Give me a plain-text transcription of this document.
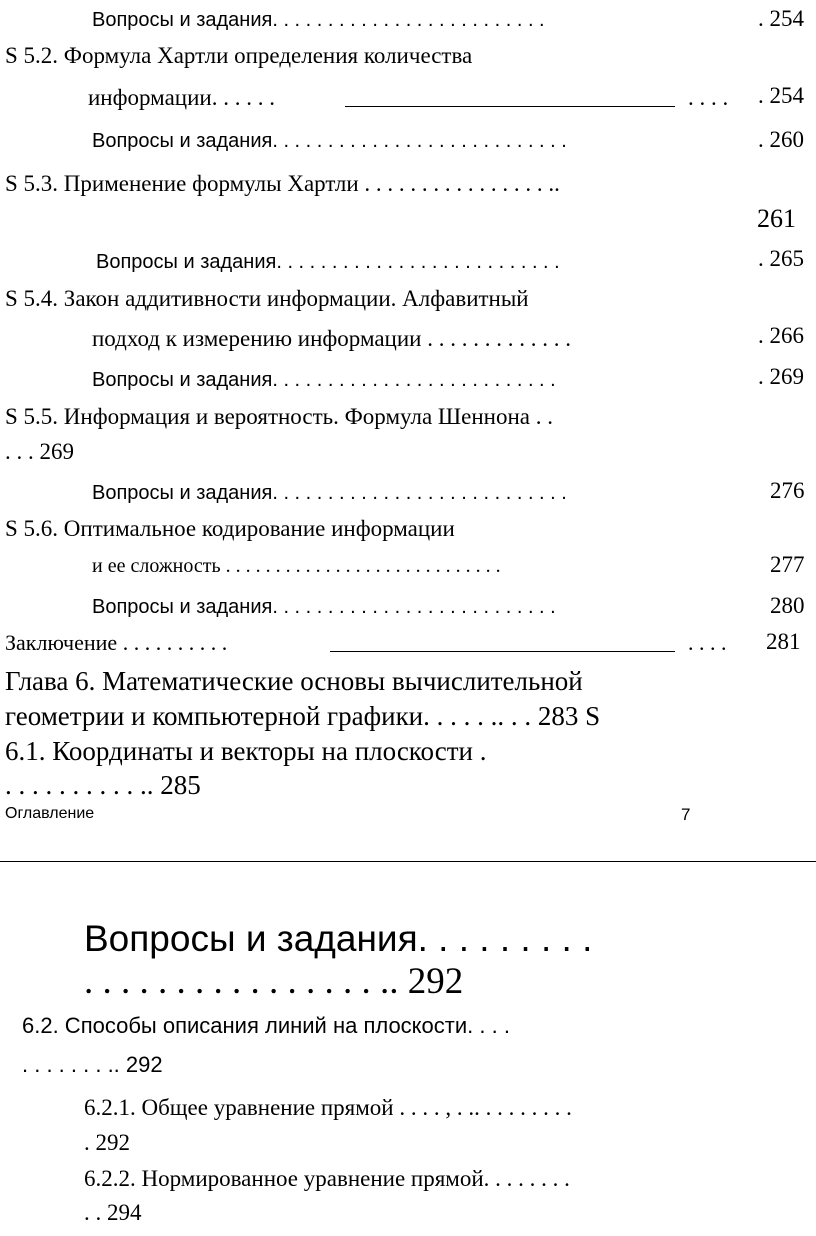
Вопросы и задания. . . . . . . . . . . . . . . . . . . . . . . . .	. 254
S 5.2. Формула Хартли определения количества
информации. . . . . .	. . . . . 254
Вопросы и задания. . . . . . . . . . . . . . . . . . . . . . . . . . .	. 260
S 5.3. Применение формулы Хартли . . . . . . . . . . . . . . . . ..
261
Вопросы и задания. . . . . . . . . . . . . . . . . . . . . . . . . .	. 265
S 5.4. Закон аддитивности информации. Алфавитный
подход к измерению информации . . . . . . . . . . . . .	. 266
Вопросы и задания. . . . . . . . . . . . . . . . . . . . . . . . . .	. 269
S 5.5. Информация и вероятность. Формула Шеннона . .
. . . 269
Вопросы и задания. . . . . . . . . . . . . . . . . . . . . . . . . . .	276
S 5.6. Оптимальное кодирование информации
и ее сложность . . . . . . . . . . . . . . . . . . . . . . . . . . . .	277
Вопросы и задания. . . . . . . . . . . . . . . . . . . . . . . . . .	280
Заключение . . . . . . . . . .	. . . . 281
Глава 6. Математические основы вычислительной
геометрии и компьютерной графики. . . . . .. . . 283 S
6.1. Координаты и векторы на плоскости .
. . . . . . . . . . .. 285
Оглавление	7
Вопросы и задания. . . . . . . . .
. . . . . . . . . . . . . . . . .. 292
6.2. Способы описания линий на плоскости. . . .
. . . . . . . .. 292
6.2.1. Общее уравнение прямой . . . . , . .. . . . . . . . .
. 292
6.2.2. Нормированное уравнение прямой. . . . . . . .
. . 294
